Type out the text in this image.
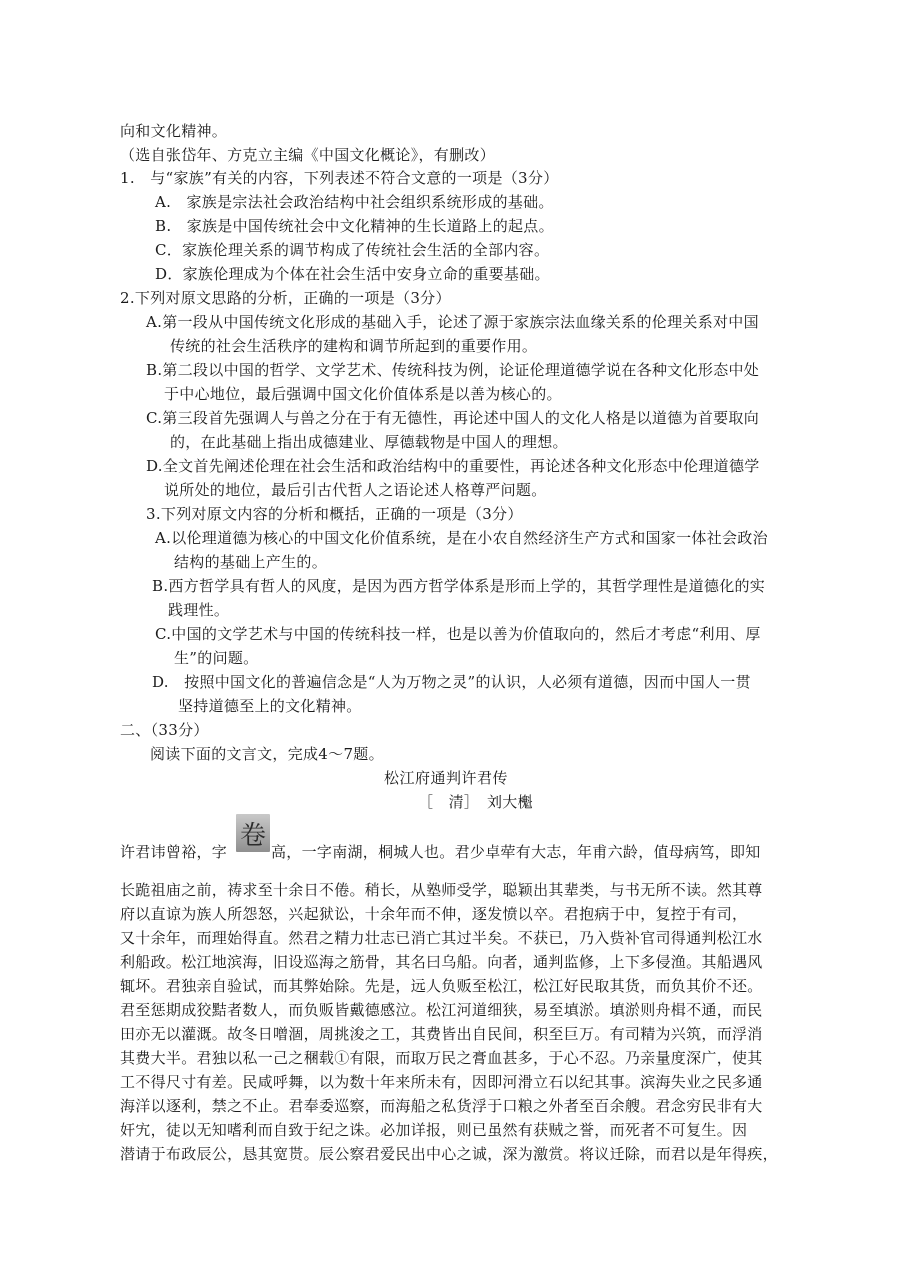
向和文化精神。
（选自张岱年、方克立主编《中国文化概论》，有删改）
1.　与“家族”有关的内容，下列表述不符合文意的一项是（3分）
A.　家族是宗法社会政治结构中社会组织系统形成的基础。
B.　家族是中国传统社会中文化精神的生长道路上的起点。
C．家族伦理关系的调节构成了传统社会生活的全部内容。
D．家族伦理成为个体在社会生活中安身立命的重要基础。
2.下列对原文思路的分析，正确的一项是（3分）
A.第一段从中国传统文化形成的基础入手，论述了源于家族宗法血缘关系的伦理关系对中国
传统的社会生活秩序的建构和调节所起到的重要作用。
B.第二段以中国的哲学、文学艺术、传统科技为例，论证伦理道德学说在各种文化形态中处
于中心地位，最后强调中国文化价值体系是以善为核心的。
C.第三段首先强调人与兽之分在于有无德性，再论述中国人的文化人格是以道德为首要取向
的，在此基础上指出成德建业、厚德载物是中国人的理想。
D.全文首先阐述伦理在社会生活和政治结构中的重要性，再论述各种文化形态中伦理道德学
说所处的地位，最后引古代哲人之语论述人格尊严问题。
3.下列对原文内容的分析和概括，正确的一项是（3分）
A.以伦理道德为核心的中国文化价值系统，是在小农自然经济生产方式和国家一体社会政治
结构的基础上产生的。
B.西方哲学具有哲人的风度，是因为西方哲学体系是形而上学的，其哲学理性是道德化的实
践理性。
C.中国的文学艺术与中国的传统科技一样，也是以善为价值取向的，然后才考虑“利用、厚
生”的问题。
D.　按照中国文化的普遍信念是“人为万物之灵”的认识，人必须有道德，因而中国人一贯
坚持道德至上的文化精神。
二、（33分）
阅读下面的文言文，完成4～7题。
松江府通判许君传
［　清］　刘大櫆
许君讳曾裕，字
卷
高，一字南湖，桐城人也。君少卓荦有大志，年甫六龄，值母病笃，即知
长跪祖庙之前，祷求至十余日不倦。稍长，从塾师受学，聪颖出其辈类，与书无所不读。然其尊
府以直谅为族人所怨怒，兴起狱讼，十余年而不伸，逐发愤以卒。君抱病于中，复控于有司，
又十余年，而理始得直。然君之精力壮志已消亡其过半矣。不获已，乃入赀补官司得通判松江水
利船政。松江地滨海，旧设巡海之筋骨，其名曰乌船。向者，通判监修，上下多侵渔。其船遇风
辄坏。君独亲自验试，而其弊始除。先是，远人负贩至松江，松江好民取其货，而负其价不还。
君至惩期成狡黠者数人，而负贩皆戴德感泣。松江河道细狭，易至填淤。填淤则舟楫不通，而民
田亦无以灌溉。故冬日噌涸，周挑浚之工，其费皆出自民间，积至巨万。有司精为兴筑，而浮消
其费大半。君独以私一己之稛载①有限，而取万民之膏血甚多，于心不忍。乃亲量度深广，使其
工不得尺寸有差。民咸呼舞，以为数十年来所未有，因即河滑立石以纪其事。滨海失业之民多通
海洋以逐利，禁之不止。君奉委巡察，而海船之私货浮于口粮之外者至百余艘。君念穷民非有大
奸宄，徒以无知嗜利而自致于纪之诛。必加详报，则已虽然有获贼之誉，而死者不可复生。因
潜请于布政辰公，恳其宽贳。辰公察君爱民出中心之诚，深为激赏。将议迁除，而君以是年得疾，
